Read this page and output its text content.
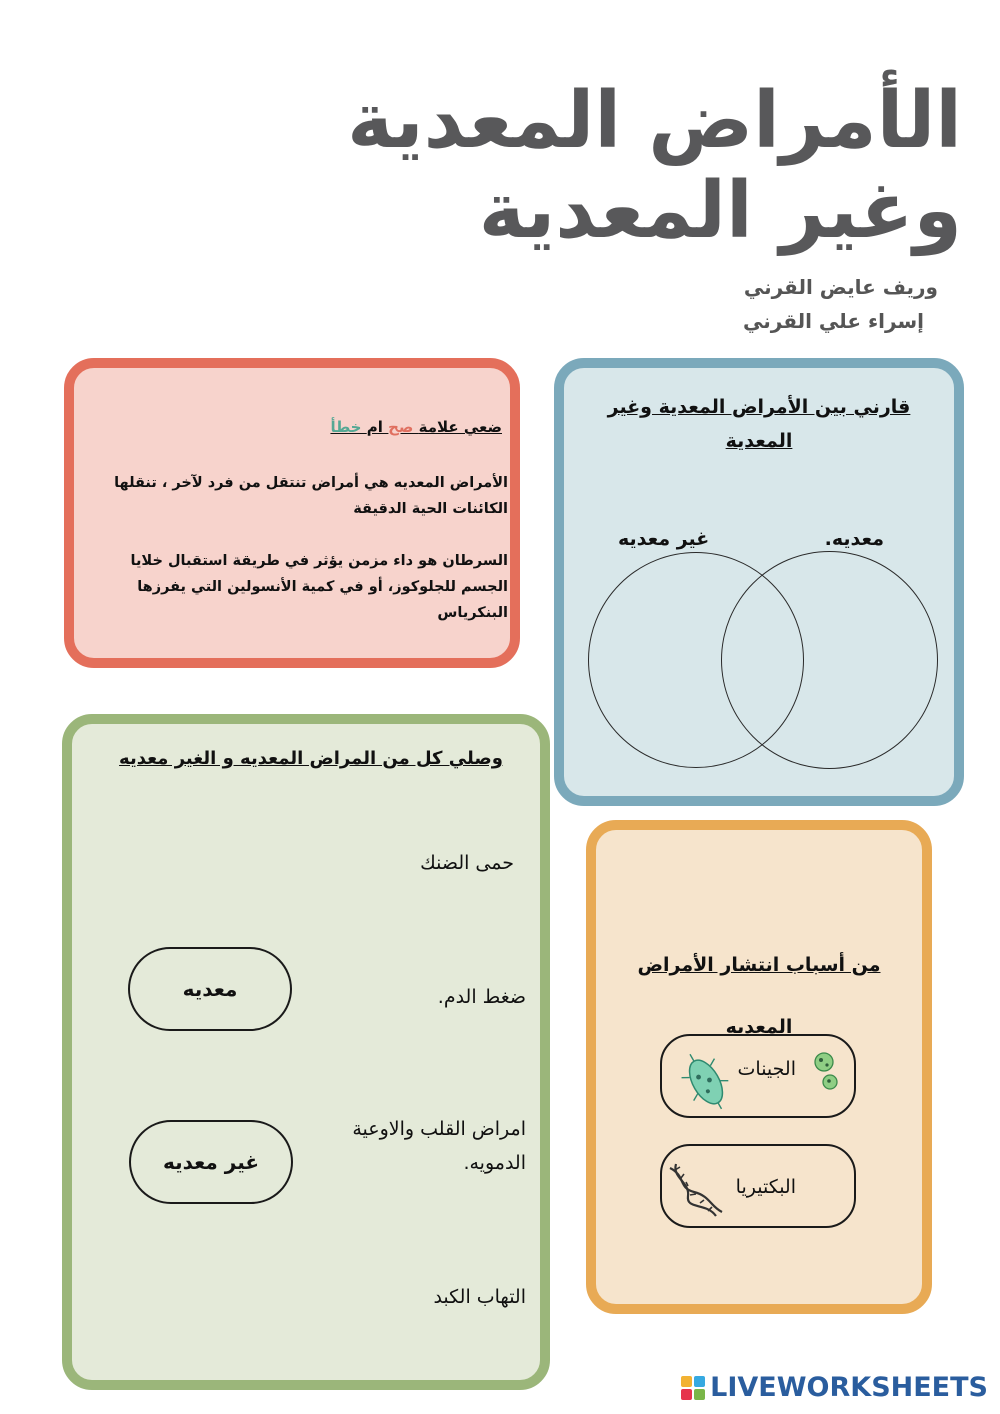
الأمراض المعدية
وغير المعدية
وريف عايض القرني
إسراء علي القرني
ضعي علامة صح ام خطأ
الأمراض المعديه هي أمراض تنتقل من فرد لآخر ، تنقلها الكائنات الحية الدقيقة
السرطان هو داء مزمن يؤثر في طريقة استقبال خلايا الجسم للجلوكوز، أو في كمية الأنسولين التي يفرزها البنكرياس
قارني بين الأمراض المعدية وغير المعدية
معديه.
غير معديه
وصلي كل من المراض المعديه و الغير معديه
حمى الضنك
ضغط الدم.
امراض القلب والاوعية الدمويه.
التهاب الكبد
معديه
غير معديه
من أسباب انتشار الأمراض
المعديه
الجينات
البكتيريا
LIVEWORKSHEETS
